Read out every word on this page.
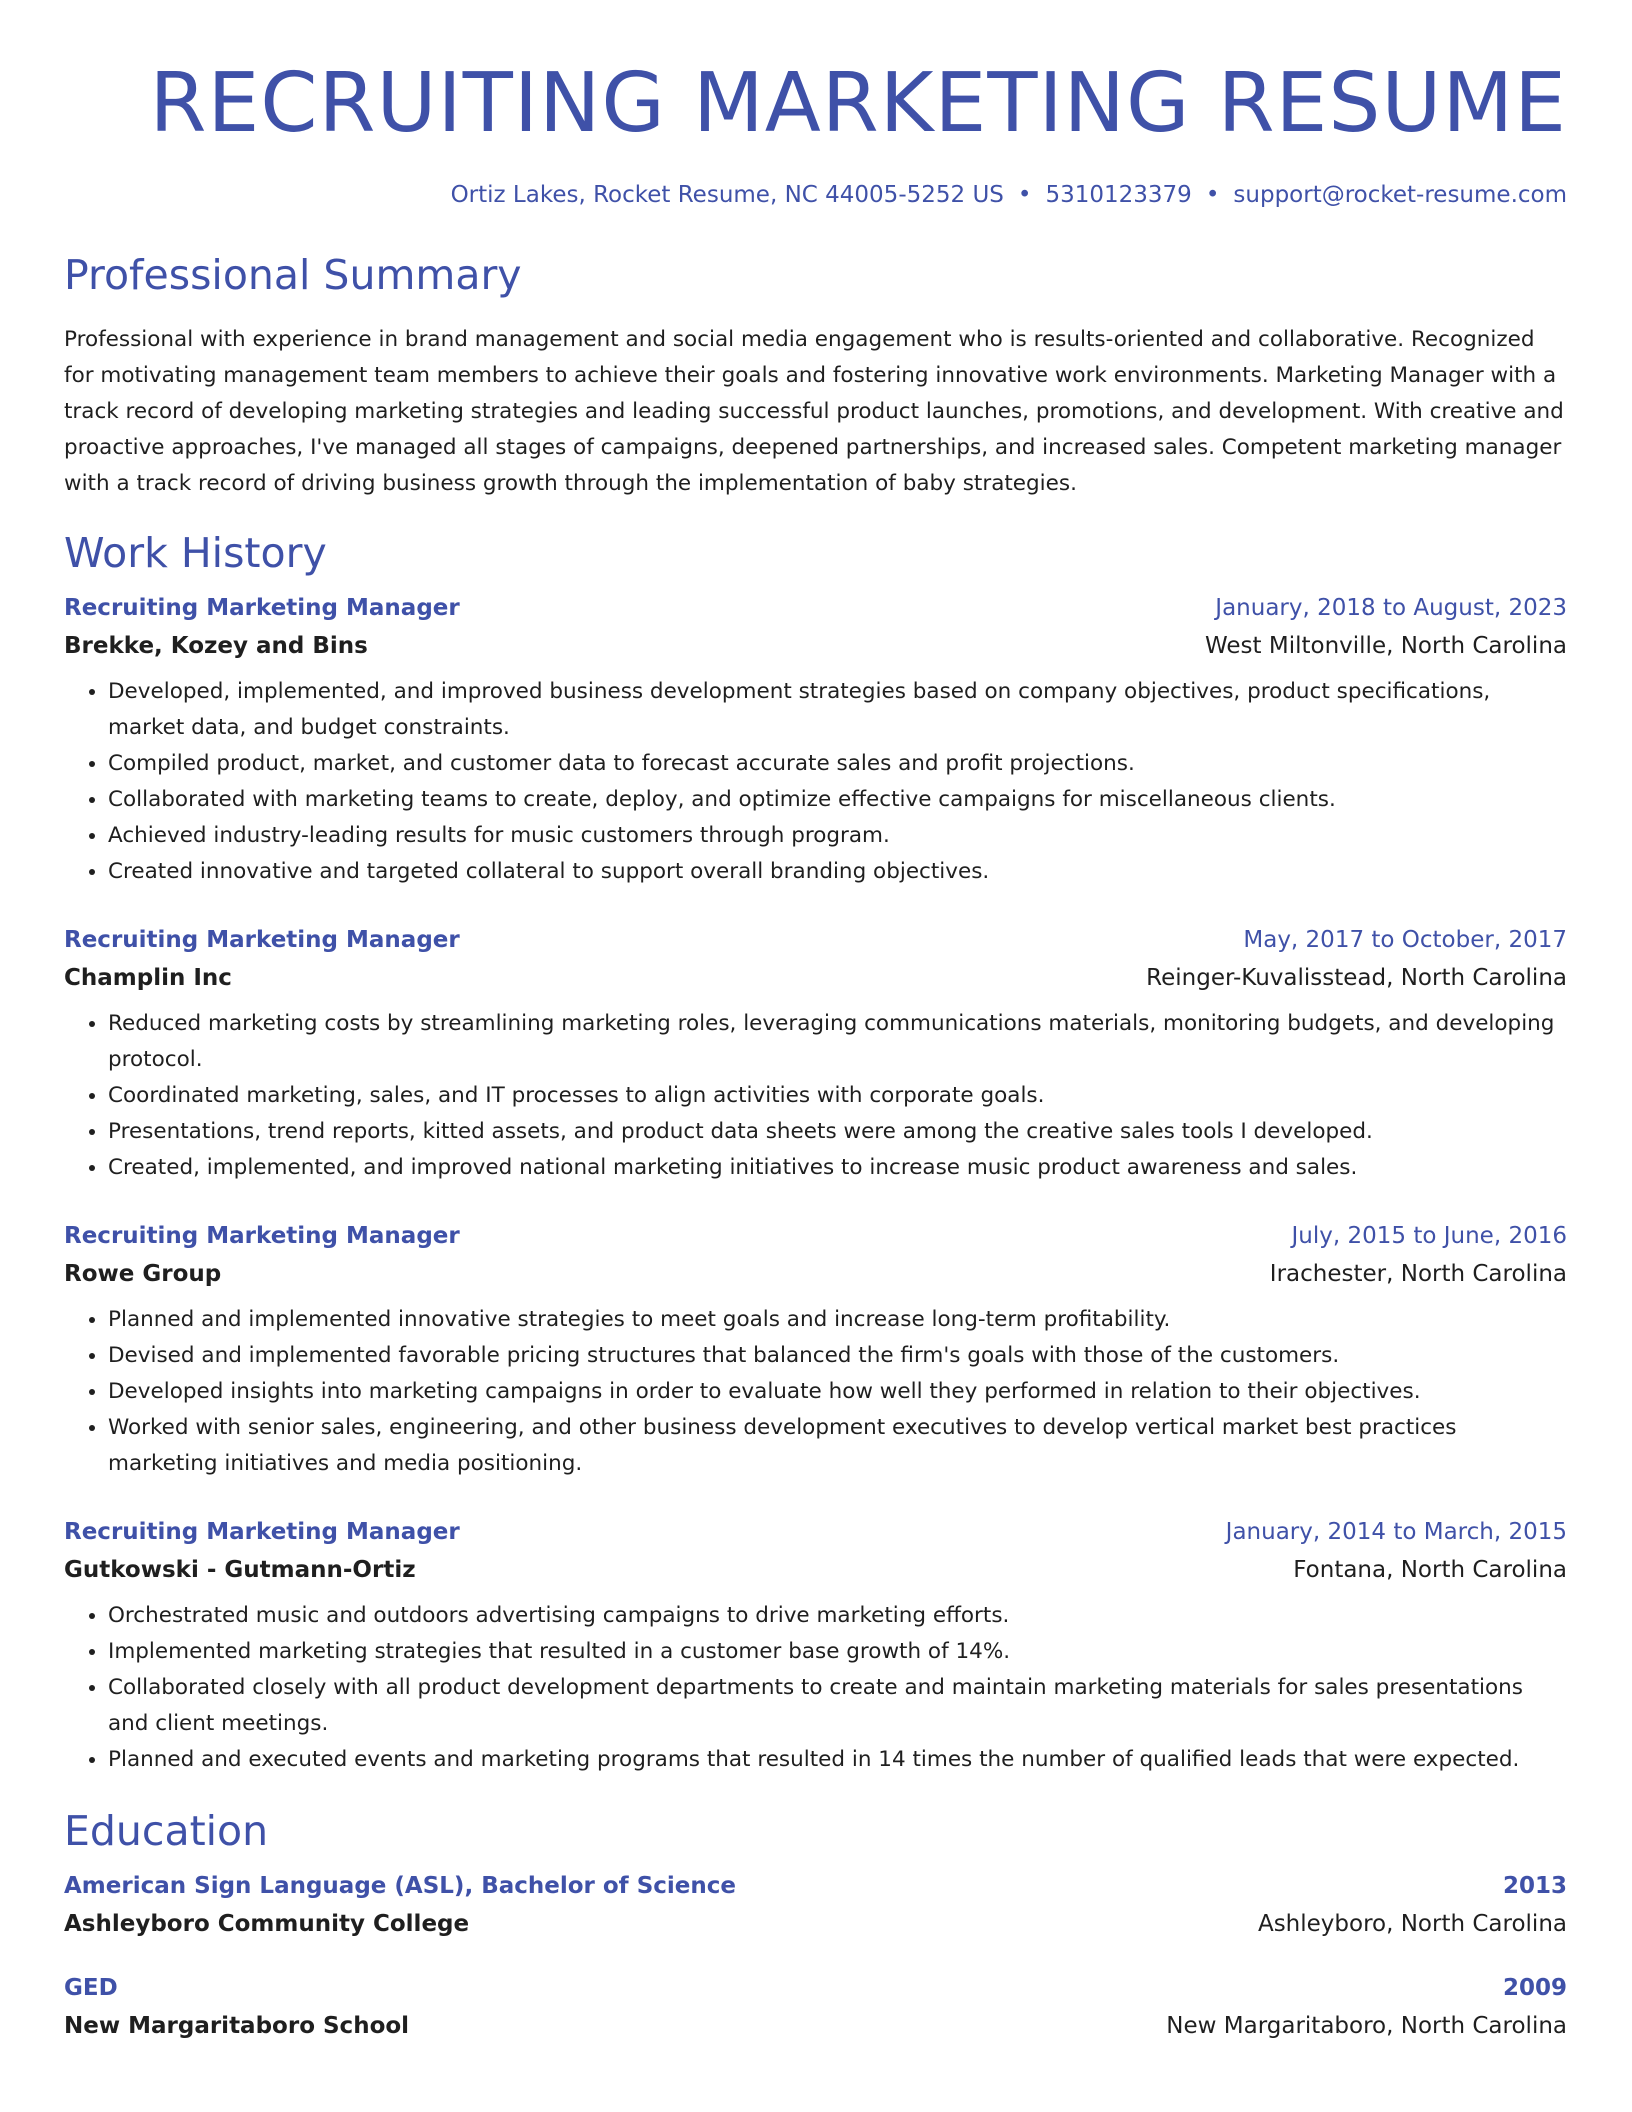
RECRUITING MARKETING RESUME
Ortiz Lakes, Rocket Resume, NC 44005-5252 US • 5310123379 • support@rocket-resume.com
Professional Summary

Professional with experience in brand management and social media engagement who is results-oriented and collaborative. Recognized for motivating management team members to achieve their goals and fostering innovative work environments. Marketing Manager with a track record of developing marketing strategies and leading successful product launches, promotions, and development. With creative and proactive approaches, I've managed all stages of campaigns, deepened partnerships, and increased sales. Competent marketing manager with a track record of driving business growth through the implementation of baby strategies.

Work History
Recruiting Marketing Manager	January, 2018 to August, 2023
Brekke, Kozey and Bins	West Miltonville, North Carolina
• Developed, implemented, and improved business development strategies based on company objectives, product specifications, market data, and budget constraints.
• Compiled product, market, and customer data to forecast accurate sales and profit projections.
• Collaborated with marketing teams to create, deploy, and optimize effective campaigns for miscellaneous clients.
• Achieved industry-leading results for music customers through program.
• Created innovative and targeted collateral to support overall branding objectives.
Recruiting Marketing Manager	May, 2017 to October, 2017
Champlin Inc	Reinger-Kuvalisstead, North Carolina
• Reduced marketing costs by streamlining marketing roles, leveraging communications materials, monitoring budgets, and developing protocol.
• Coordinated marketing, sales, and IT processes to align activities with corporate goals.
• Presentations, trend reports, kitted assets, and product data sheets were among the creative sales tools I developed.
• Created, implemented, and improved national marketing initiatives to increase music product awareness and sales.
Recruiting Marketing Manager	July, 2015 to June, 2016
Rowe Group	Irachester, North Carolina
• Planned and implemented innovative strategies to meet goals and increase long-term profitability.
• Devised and implemented favorable pricing structures that balanced the firm's goals with those of the customers.
• Developed insights into marketing campaigns in order to evaluate how well they performed in relation to their objectives.
• Worked with senior sales, engineering, and other business development executives to develop vertical market best practices marketing initiatives and media positioning.
Recruiting Marketing Manager	January, 2014 to March, 2015
Gutkowski - Gutmann-Ortiz	Fontana, North Carolina
• Orchestrated music and outdoors advertising campaigns to drive marketing efforts.
• Implemented marketing strategies that resulted in a customer base growth of 14%.
• Collaborated closely with all product development departments to create and maintain marketing materials for sales presentations and client meetings.
• Planned and executed events and marketing programs that resulted in 14 times the number of qualified leads that were expected.
Education
American Sign Language (ASL), Bachelor of Science	2013
Ashleyboro Community College	Ashleyboro, North Carolina
GED	2009
New Margaritaboro School	New Margaritaboro, North Carolina
